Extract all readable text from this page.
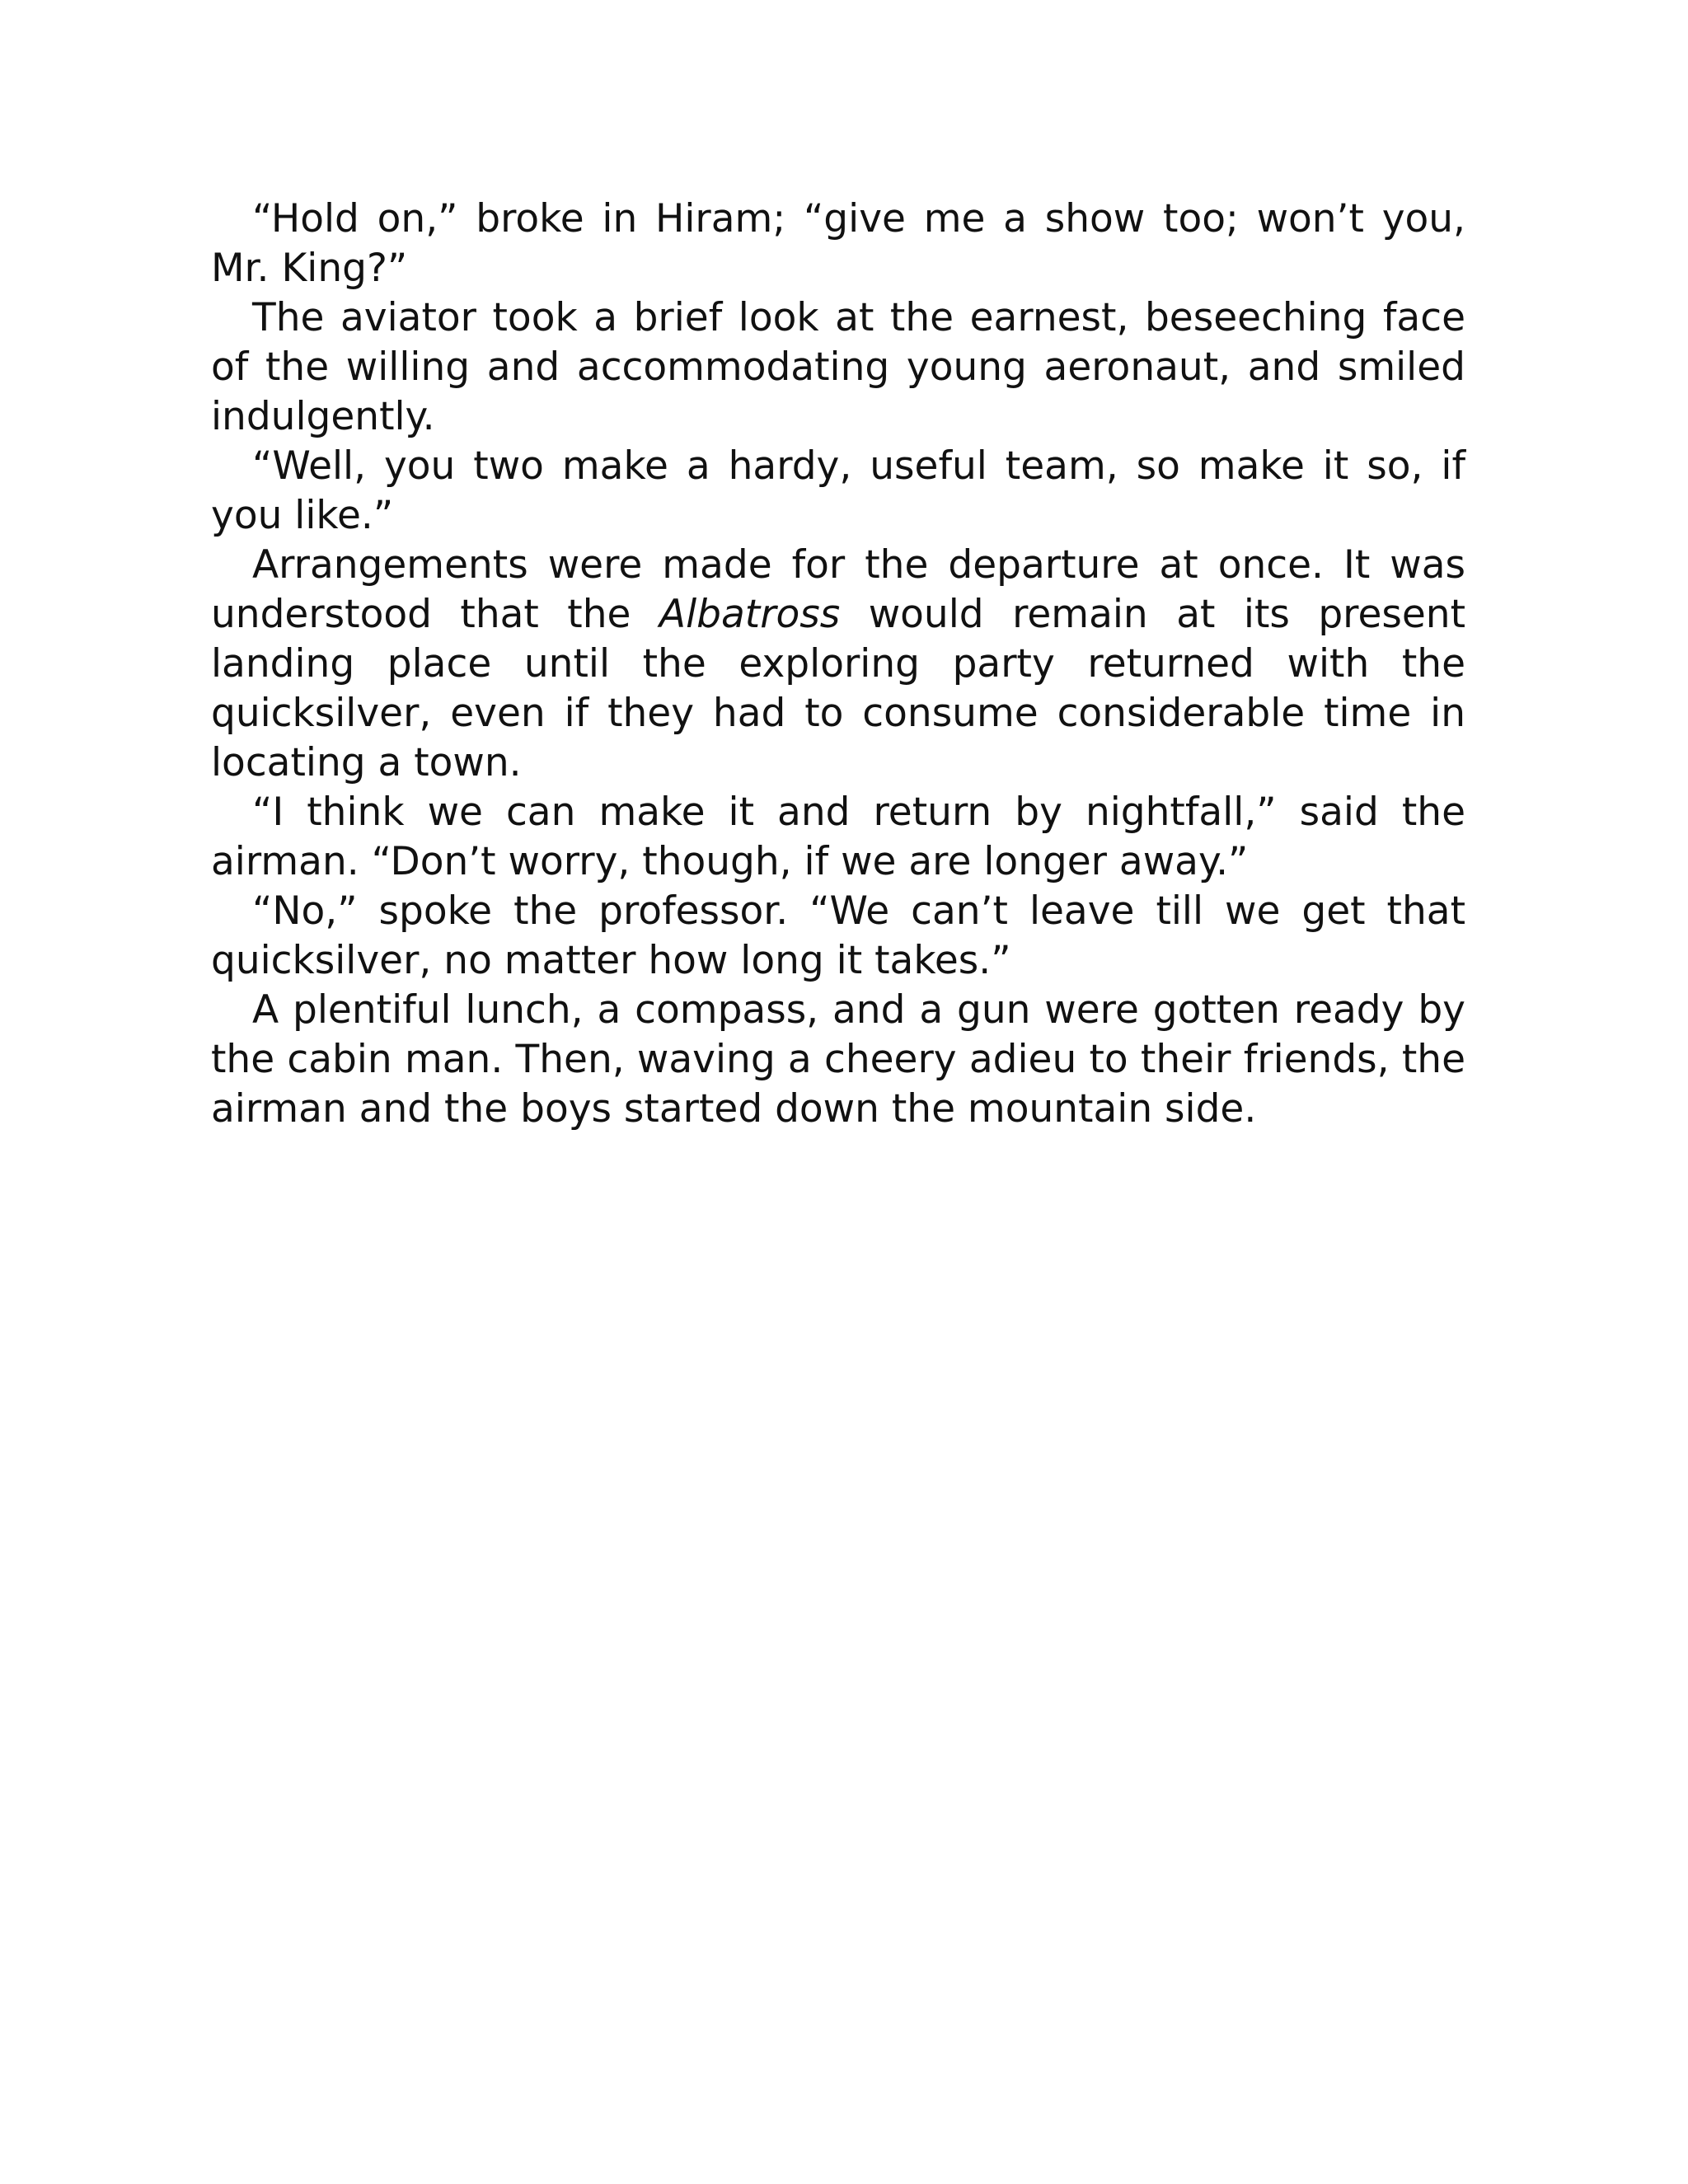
“Hold on,” broke in Hiram; “give me a show too; won’t you, Mr. King?”

The aviator took a brief look at the earnest, beseeching face of the willing and accommodating young aeronaut, and smiled indulgently.

“Well, you two make a hardy, useful team, so make it so, if you like.”

Arrangements were made for the departure at once. It was understood that the Albatross would remain at its present landing place until the exploring party returned with the quicksilver, even if they had to consume considerable time in locating a town.

“I think we can make it and return by nightfall,” said the airman. “Don’t worry, though, if we are longer away.”

“No,” spoke the professor. “We can’t leave till we get that quicksilver, no matter how long it takes.”

A plentiful lunch, a compass, and a gun were gotten ready by the cabin man. Then, waving a cheery adieu to their friends, the airman and the boys started down the mountain side.
